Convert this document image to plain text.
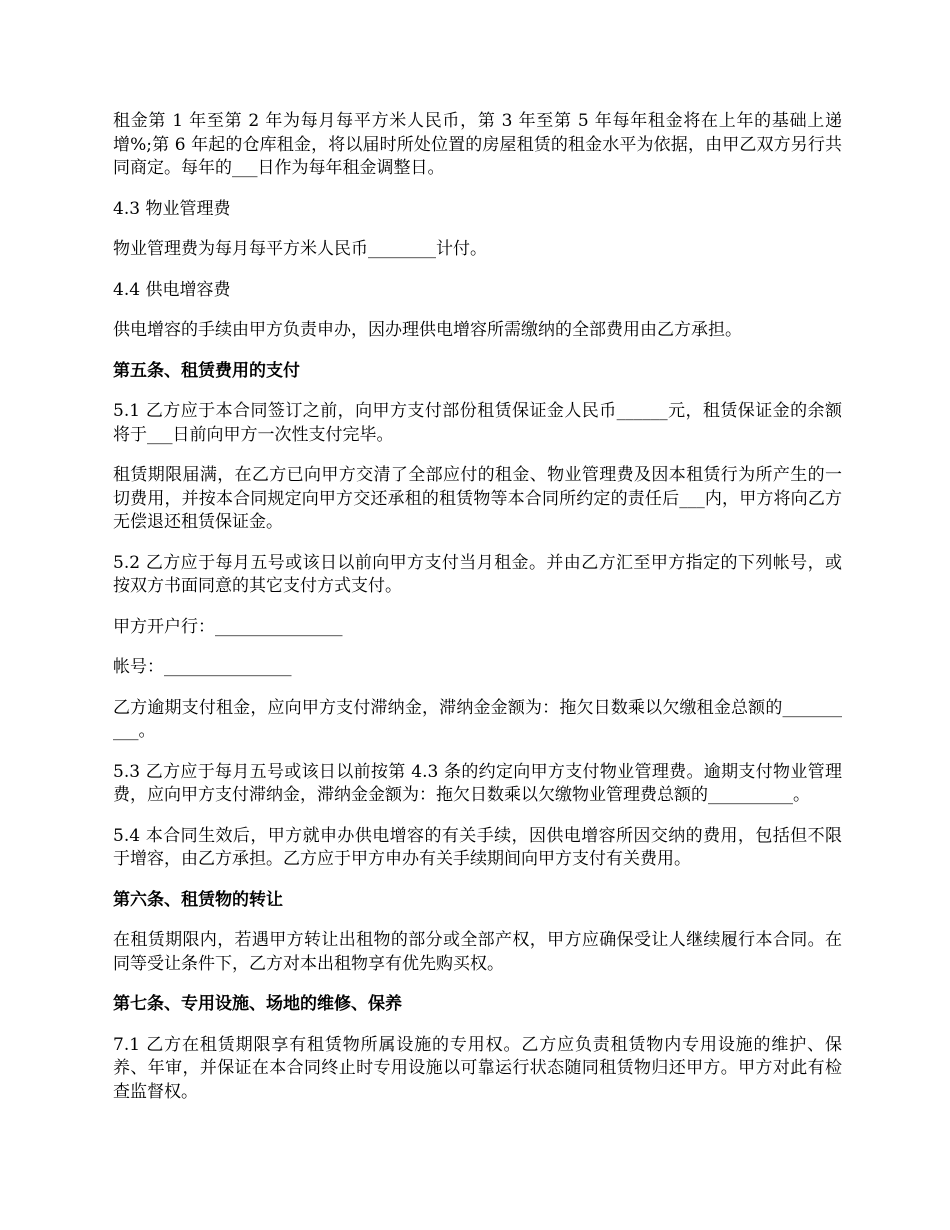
租金第 1 年至第 2 年为每月每平方米人民币，第 3 年至第 5 年每年租金将在上年的基础上递增%;第 6 年起的仓库租金，将以届时所处位置的房屋租赁的租金水平为依据，由甲乙双方另行共同商定。每年的___日作为每年租金调整日。

4.3 物业管理费

物业管理费为每月每平方米人民币________计付。

4.4 供电增容费

供电增容的手续由甲方负责申办，因办理供电增容所需缴纳的全部费用由乙方承担。

第五条、租赁费用的支付

5.1 乙方应于本合同签订之前，向甲方支付部份租赁保证金人民币______元，租赁保证金的余额将于___日前向甲方一次性支付完毕。

租赁期限届满，在乙方已向甲方交清了全部应付的租金、物业管理费及因本租赁行为所产生的一切费用，并按本合同规定向甲方交还承租的租赁物等本合同所约定的责任后___内，甲方将向乙方无偿退还租赁保证金。

5.2 乙方应于每月五号或该日以前向甲方支付当月租金。并由乙方汇至甲方指定的下列帐号，或按双方书面同意的其它支付方式支付。

甲方开户行：_______________

帐号：_______________

乙方逾期支付租金，应向甲方支付滞纳金，滞纳金金额为：拖欠日数乘以欠缴租金总额的__________。

5.3 乙方应于每月五号或该日以前按第 4.3 条的约定向甲方支付物业管理费。逾期支付物业管理费，应向甲方支付滞纳金，滞纳金金额为：拖欠日数乘以欠缴物业管理费总额的__________。

5.4 本合同生效后，甲方就申办供电增容的有关手续，因供电增容所因交纳的费用，包括但不限于增容，由乙方承担。乙方应于甲方申办有关手续期间向甲方支付有关费用。

第六条、租赁物的转让

在租赁期限内，若遇甲方转让出租物的部分或全部产权，甲方应确保受让人继续履行本合同。在同等受让条件下，乙方对本出租物享有优先购买权。

第七条、专用设施、场地的维修、保养

7.1 乙方在租赁期限享有租赁物所属设施的专用权。乙方应负责租赁物内专用设施的维护、保养、年审，并保证在本合同终止时专用设施以可靠运行状态随同租赁物归还甲方。甲方对此有检查监督权。
